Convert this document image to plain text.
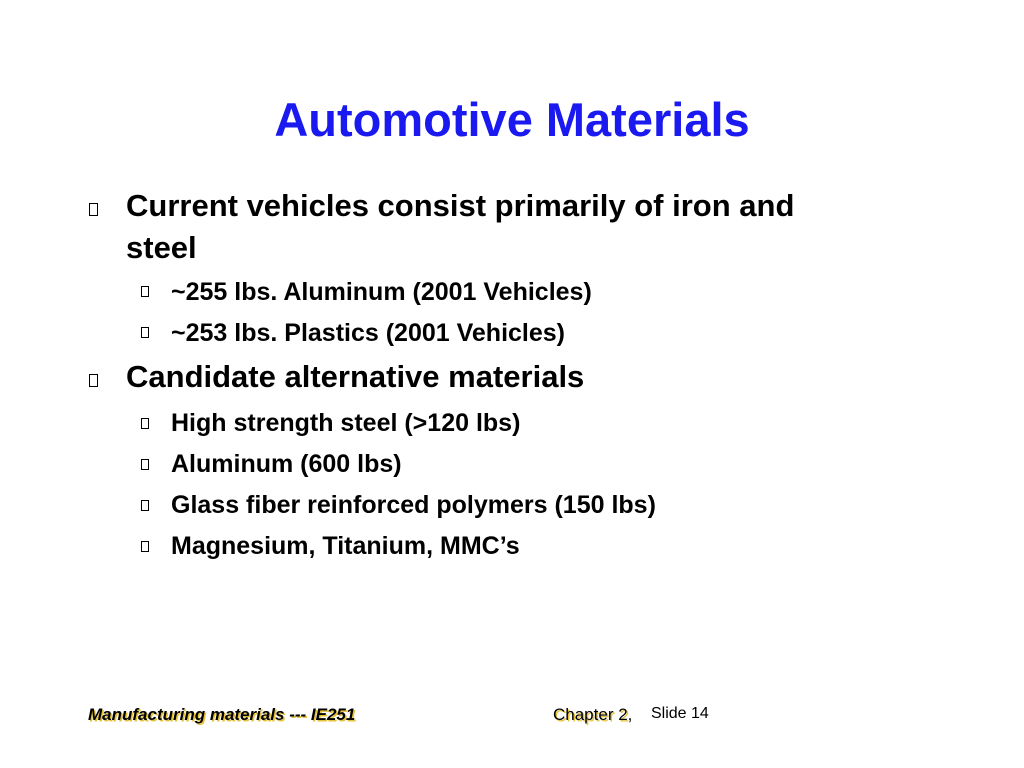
Automotive Materials
Current vehicles consist primarily of iron and
steel
~255 lbs. Aluminum (2001 Vehicles)
~253 lbs. Plastics (2001 Vehicles)
Candidate alternative materials
High strength steel (>120 lbs)
Aluminum (600 lbs)
Glass fiber reinforced polymers (150 lbs)
Magnesium, Titanium, MMC’s
Manufacturing materials --- IE251	Chapter 2, Slide 14
